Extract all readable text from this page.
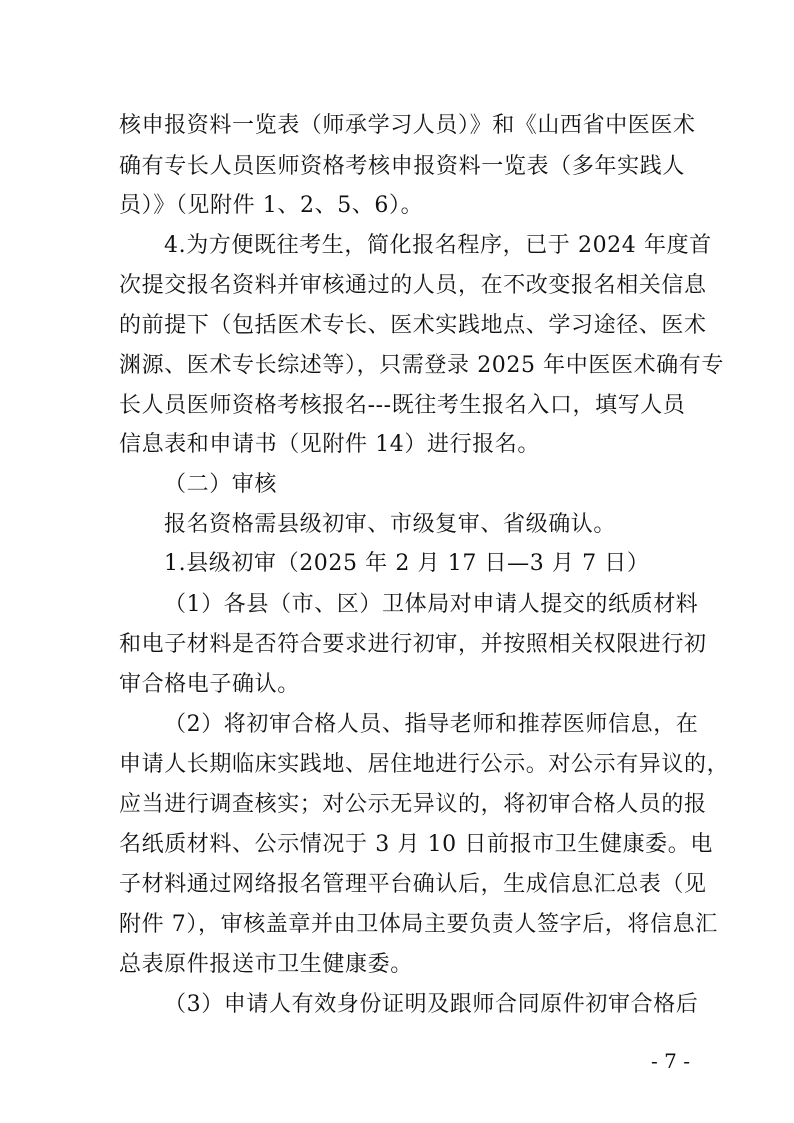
核申报资料一览表（师承学习人员）》和《山西省中医医术
确有专长人员医师资格考核申报资料一览表（多年实践人
员）》（见附件 1、2、5、6）。
4.为方便既往考生，简化报名程序，已于 2024 年度首
次提交报名资料并审核通过的人员，在不改变报名相关信息
的前提下（包括医术专长、医术实践地点、学习途径、医术
渊源、医术专长综述等），只需登录 2025 年中医医术确有专
长人员医师资格考核报名---既往考生报名入口，填写人员
信息表和申请书（见附件 14）进行报名。
（二）审核
报名资格需县级初审、市级复审、省级确认。
1.县级初审（2025 年 2 月 17 日—3 月 7 日）
（1）各县（市、区）卫体局对申请人提交的纸质材料
和电子材料是否符合要求进行初审，并按照相关权限进行初
审合格电子确认。
（2）将初审合格人员、指导老师和推荐医师信息，在
申请人长期临床实践地、居住地进行公示。对公示有异议的，
应当进行调查核实；对公示无异议的，将初审合格人员的报
名纸质材料、公示情况于 3 月 10 日前报市卫生健康委。电
子材料通过网络报名管理平台确认后，生成信息汇总表（见
附件 7），审核盖章并由卫体局主要负责人签字后，将信息汇
总表原件报送市卫生健康委。
（3）申请人有效身份证明及跟师合同原件初审合格后
- 7 -
